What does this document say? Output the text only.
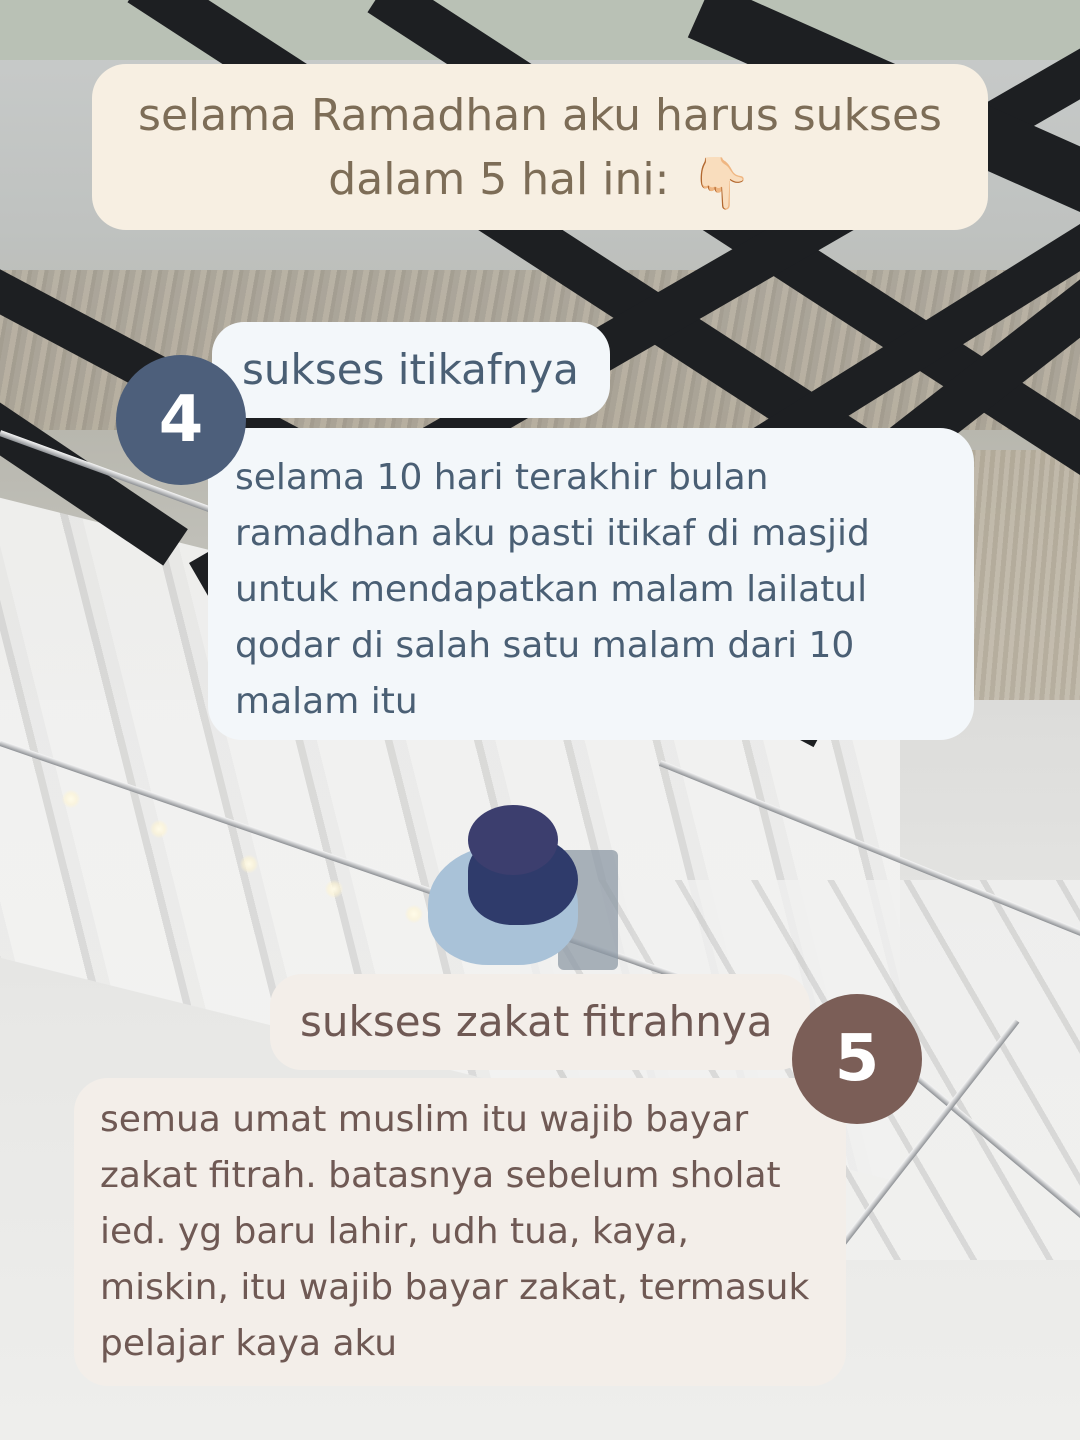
selama Ramadhan aku harus sukses
dalam 5 hal ini: 👇🏻
sukses itikafnya
selama 10 hari terakhir bulan ramadhan aku pasti itikaf di masjid untuk mendapatkan malam lailatul qodar di salah satu malam dari 10 malam itu
4
sukses zakat fitrahnya
semua umat muslim itu wajib bayar zakat fitrah. batasnya sebelum sholat ied. yg baru lahir, udh tua, kaya, miskin, itu wajib bayar zakat, termasuk pelajar kaya aku
5
